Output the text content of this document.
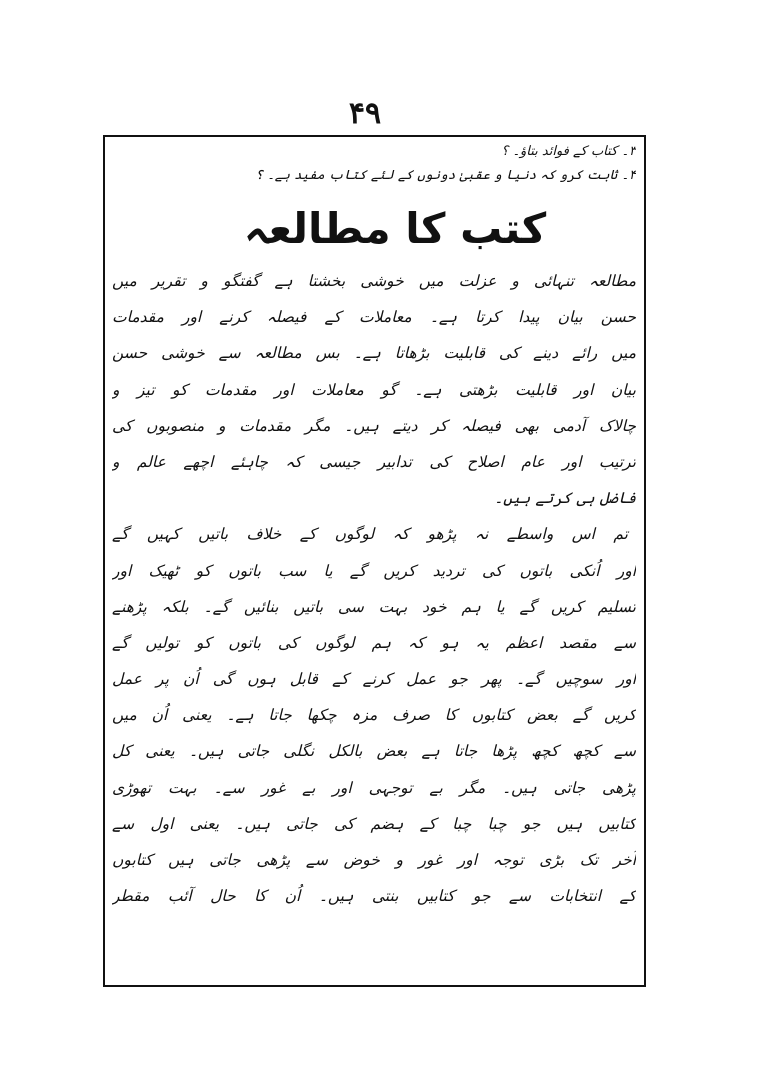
۴۹
۳۔ کتاب کے فوائد بتاؤ۔ ؟
۴۔ ثابت کرو کہ دنیا و عقبیٰ دونوں کے لئے کتاب مفید ہے۔ ؟
کتب کا مطالعہ
مطالعہ تنہائی و عزلت میں خوشی بخشتا ہے گفتگو و تقریر میں
حسن بیان پیدا کرتا ہے۔ معاملات کے فیصلہ کرنے اور مقدمات
میں رائے دینے کی قابلیت بڑھاتا ہے۔ بس مطالعہ سے خوشی حسن
بیان اور قابلیت بڑھتی ہے۔ گو معاملات اور مقدمات کو تیز و
چالاک آدمی بھی فیصلہ کر دیتے ہیں۔ مگر مقدمات و منصوبوں کی
ترتیب اور عام اصلاح کی تدابیر جیسی کہ چاہئے اچھے عالم و
فاضل ہی کرتے ہیں۔
تم اس واسطے نہ پڑھو کہ لوگوں کے خلاف باتیں کہیں گے
اور اُنکی باتوں کی تردید کریں گے یا سب باتوں کو ٹھیک اور
تسلیم کریں گے یا ہم خود بہت سی باتیں بنائیں گے۔ بلکہ پڑھنے
سے مقصد اعظم یہ ہو کہ ہم لوگوں کی باتوں کو تولیں گے
اور سوچیں گے۔ پھر جو عمل کرنے کے قابل ہوں گی اُن پر عمل
کریں گے بعض کتابوں کا صرف مزہ چکھا جاتا ہے۔ یعنی اُن میں
سے کچھ کچھ پڑھا جاتا ہے بعض بالکل نگلی جاتی ہیں۔ یعنی کل
پڑھی جاتی ہیں۔ مگر بے توجہی اور بے غور سے۔ بہت تھوڑی
کتابیں ہیں جو چبا چبا کے ہضم کی جاتی ہیں۔ یعنی اول سے
آخر تک بڑی توجہ اور غور و خوض سے پڑھی جاتی ہیں کتابوں
کے انتخابات سے جو کتابیں بنتی ہیں۔ اُن کا حال آئب مقطر
